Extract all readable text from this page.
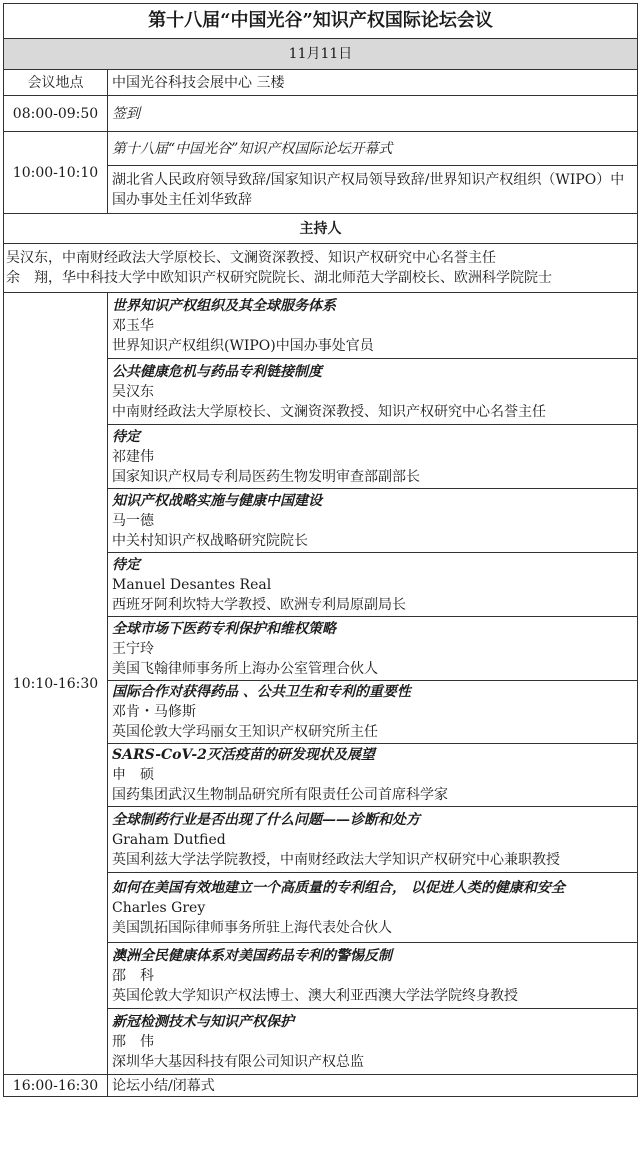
第十八届“中国光谷”知识产权国际论坛会议	
11月11日	
会议地点	中国光谷科技会展中心 三楼
08:00-09:50	签到
10:00-10:10	第十八届“中国光谷”知识产权国际论坛开幕式
	湖北省人民政府领导致辞/国家知识产权局领导致辞/世界知识产权组织（WIPO）中国办事处主任刘华致辞
主持人	

吴汉东，中南财经政法大学原校长、文澜资深教授、知识产权研究中心名誉主任
余　翔，华中科技大学中欧知识产权研究院院长、湖北师范大学副校长、欧洲科学院院士	

10:10-16:30	世界知识产权组织及其全球服务体系
邓玉华
世界知识产权组织(WIPO)中国办事处官员

	公共健康危机与药品专利链接制度
吴汉东
中南财经政法大学原校长、文澜资深教授、知识产权研究中心名誉主任

	待定
祁建伟
国家知识产权局专利局医药生物发明审查部副部长

	知识产权战略实施与健康中国建设
马一德
中关村知识产权战略研究院院长

	待定
Manuel Desantes Real
西班牙阿利坎特大学教授、欧洲专利局原副局长

	全球市场下医药专利保护和维权策略
王宁玲
美国飞翰律师事务所上海办公室管理合伙人

	国际合作对获得药品 、公共卫生和专利的重要性
邓肯・马修斯
英国伦敦大学玛丽女王知识产权研究所主任

	SARS-CoV-2灭活疫苗的研发现状及展望
申　硕
国药集团武汉生物制品研究所有限责任公司首席科学家

	全球制药行业是否出现了什么问题——诊断和处方
Graham Dutfied
英国利兹大学法学院教授，中南财经政法大学知识产权研究中心兼职教授

	如何在美国有效地建立一个高质量的专利组合， 以促进人类的健康和安全
Charles Grey
美国凯拓国际律师事务所驻上海代表处合伙人

	澳洲全民健康体系对美国药品专利的警惕反制
邵　科
英国伦敦大学知识产权法博士、澳大利亚西澳大学法学院终身教授

	新冠检测技术与知识产权保护
邢　伟
深圳华大基因科技有限公司知识产权总监

16:00-16:30	论坛小结/闭幕式
